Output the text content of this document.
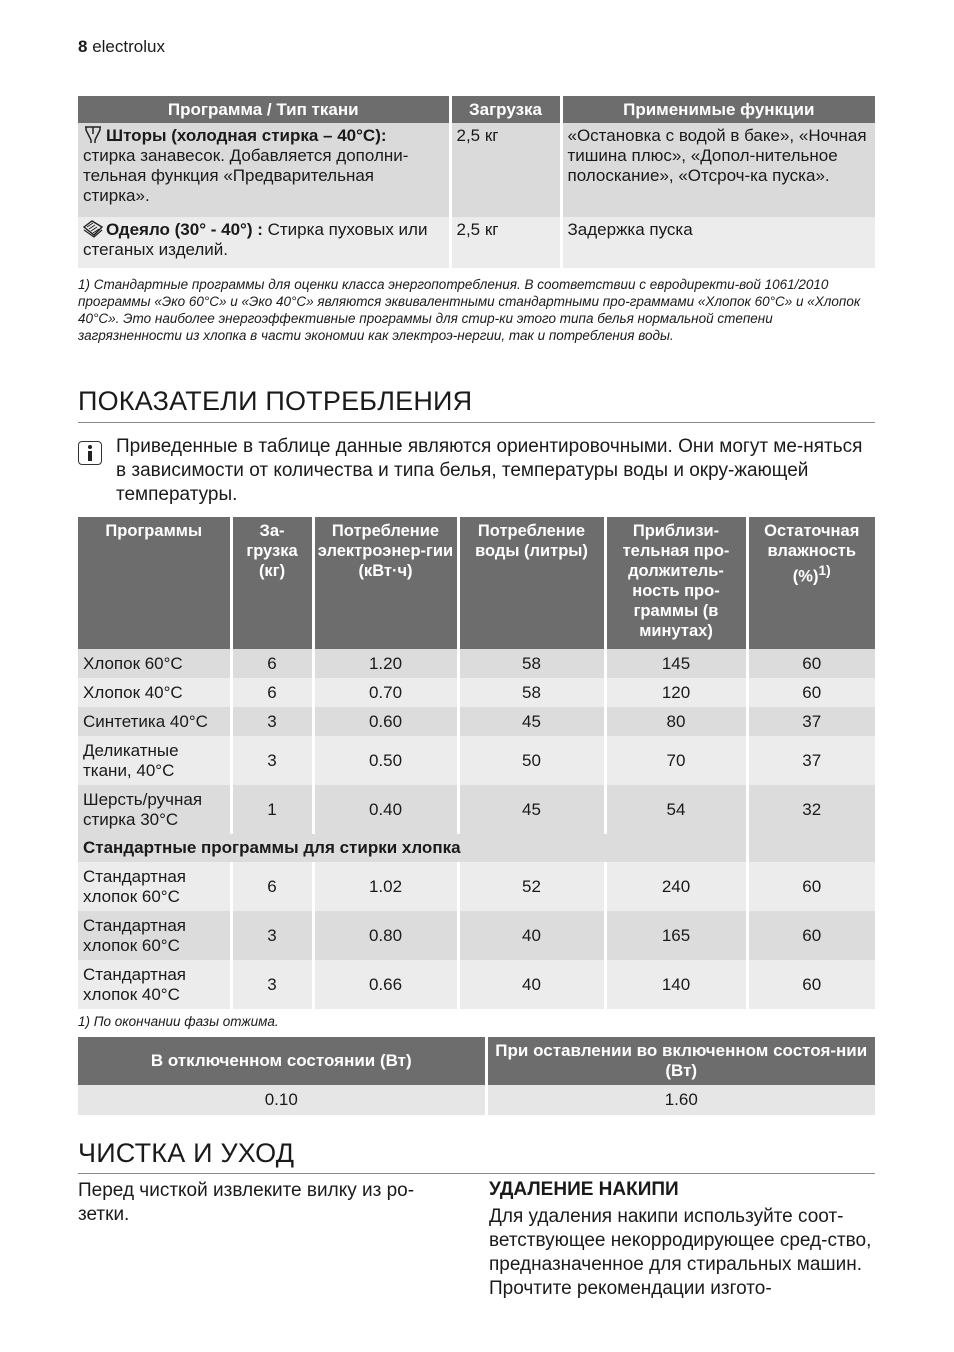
8 electrolux
Программа / Тип ткани	Загрузка	Применимые функции
Шторы (холодная стирка – 40°C): стирка занавесок. Добавляется дополни-тельная функция «Предварительная стирка».	2,5 кг	«Остановка с водой в баке», «Ночная тишина плюс», «Допол-нительное полоскание», «Отсроч-ка пуска».
Одеяло (30° - 40°) : Стирка пуховых или стеганых изделий.	2,5 кг	Задержка пуска
1) Стандартные программы для оценки класса энергопотребления. В соответствии с евродиректи-вой 1061/2010 программы «Эко 60°C» и «Эко 40°C» являются эквивалентными стандартными про-граммами «Хлопок 60°C» и «Хлопок 40°C». Это наиболее энергоэффективные программы для стир-ки этого типа белья нормальной степени загрязненности из хлопка в части экономии как электроэ-нергии, так и потребления воды.
ПОКАЗАТЕЛИ ПОТРЕБЛЕНИЯ
Приведенные в таблице данные являются ориентировочными. Они могут ме-няться в зависимости от количества и типа белья, температуры воды и окру-жающей температуры.
Программы	За-грузка (кг)	Потребление электроэнер-гии (кВт·ч)	Потребление воды (литры)	Приблизи-тельная про-должитель-ность про-граммы (в минутах)	Остаточная влажность (%)$^{1)}$
Хлопок 60°C	6	1.20	58	145	60
Хлопок 40°C	6	0.70	58	120	60
Синтетика 40°C	3	0.60	45	80	37
Деликатные ткани, 40°C	3	0.50	50	70	37
Шерсть/ручная стирка 30°C	1	0.40	45	54	32
Стандартные программы для стирки хлопка					
Стандартная хлопок 60°C	6	1.02	52	240	60
Стандартная хлопок 60°C	3	0.80	40	165	60
Стандартная хлопок 40°C	3	0.66	40	140	60
1) По окончании фазы отжима.
В отключенном состоянии (Вт)	При оставлении во включенном состоя-нии (Вт)
0.10	1.60
ЧИСТКА И УХОД
Перед чисткой извлеките вилку из ро-зетки.
УДАЛЕНИЕ НАКИПИ
Для удаления накипи используйте соот-ветствующее некорродирующее сред-ство, предназначенное для стиральных машин. Прочтите рекомендации изгото-
